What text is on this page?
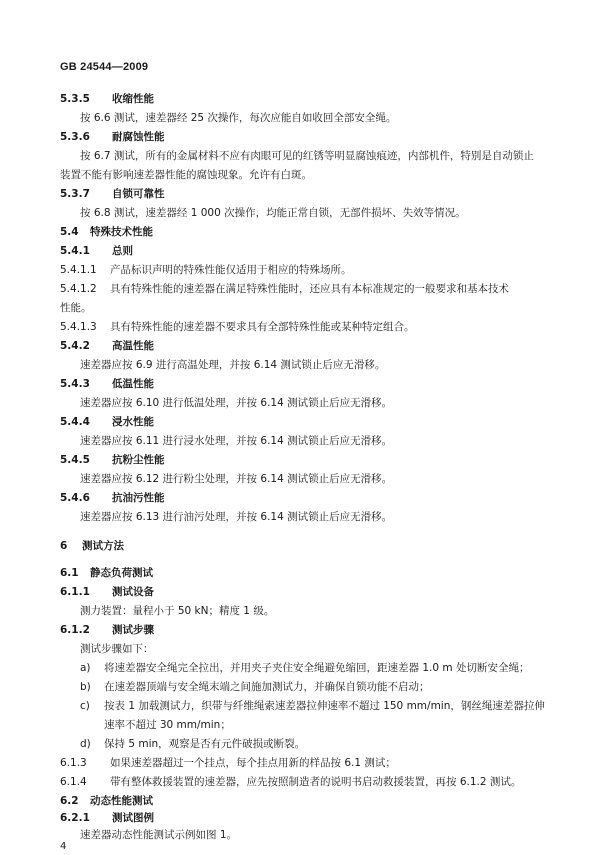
GB 24544—2009
5.3.5 收缩性能
按 6.6 测试，速差器经 25 次操作，每次应能自如收回全部安全绳。
5.3.6 耐腐蚀性能
按 6.7 测试，所有的金属材料不应有肉眼可见的红锈等明显腐蚀痕迹，内部机件，特别是自动锁止
装置不能有影响速差器性能的腐蚀现象。允许有白斑。
5.3.7 自锁可靠性
按 6.8 测试，速差器经 1 000 次操作，均能正常自锁，无部件损坏、失效等情况。
5.4 特殊技术性能
5.4.1 总则
5.4.1.1 产品标识声明的特殊性能仅适用于相应的特殊场所。
5.4.1.2 具有特殊性能的速差器在满足特殊性能时，还应具有本标准规定的一般要求和基本技术
性能。
5.4.1.3 具有特殊性能的速差器不要求具有全部特殊性能或某种特定组合。
5.4.2 高温性能
速差器应按 6.9 进行高温处理，并按 6.14 测试锁止后应无滑移。
5.4.3 低温性能
速差器应按 6.10 进行低温处理，并按 6.14 测试锁止后应无滑移。
5.4.4 浸水性能
速差器应按 6.11 进行浸水处理，并按 6.14 测试锁止后应无滑移。
5.4.5 抗粉尘性能
速差器应按 6.12 进行粉尘处理，并按 6.14 测试锁止后应无滑移。
5.4.6 抗油污性能
速差器应按 6.13 进行油污处理，并按 6.14 测试锁止后应无滑移。
6 测试方法
6.1 静态负荷测试
6.1.1 测试设备
测力装置：量程小于 50 kN；精度 1 级。
6.1.2 测试步骤
测试步骤如下：
a) 将速差器安全绳完全拉出，并用夹子夹住安全绳避免缩回，距速差器 1.0 m 处切断安全绳；
b) 在速差器顶端与安全绳末端之间施加测试力，并确保自锁功能不启动；
c) 按表 1 加载测试力，织带与纤维绳索速差器拉伸速率不超过 150 mm/min，钢丝绳速差器拉伸
速率不超过 30 mm/min；
d) 保持 5 min，观察是否有元件破损或断裂。
6.1.3 如果速差器超过一个挂点，每个挂点用新的样品按 6.1 测试；
6.1.4 带有整体救援装置的速差器，应先按照制造者的说明书启动救援装置，再按 6.1.2 测试。
6.2 动态性能测试
6.2.1 测试图例
速差器动态性能测试示例如图 1。
4
